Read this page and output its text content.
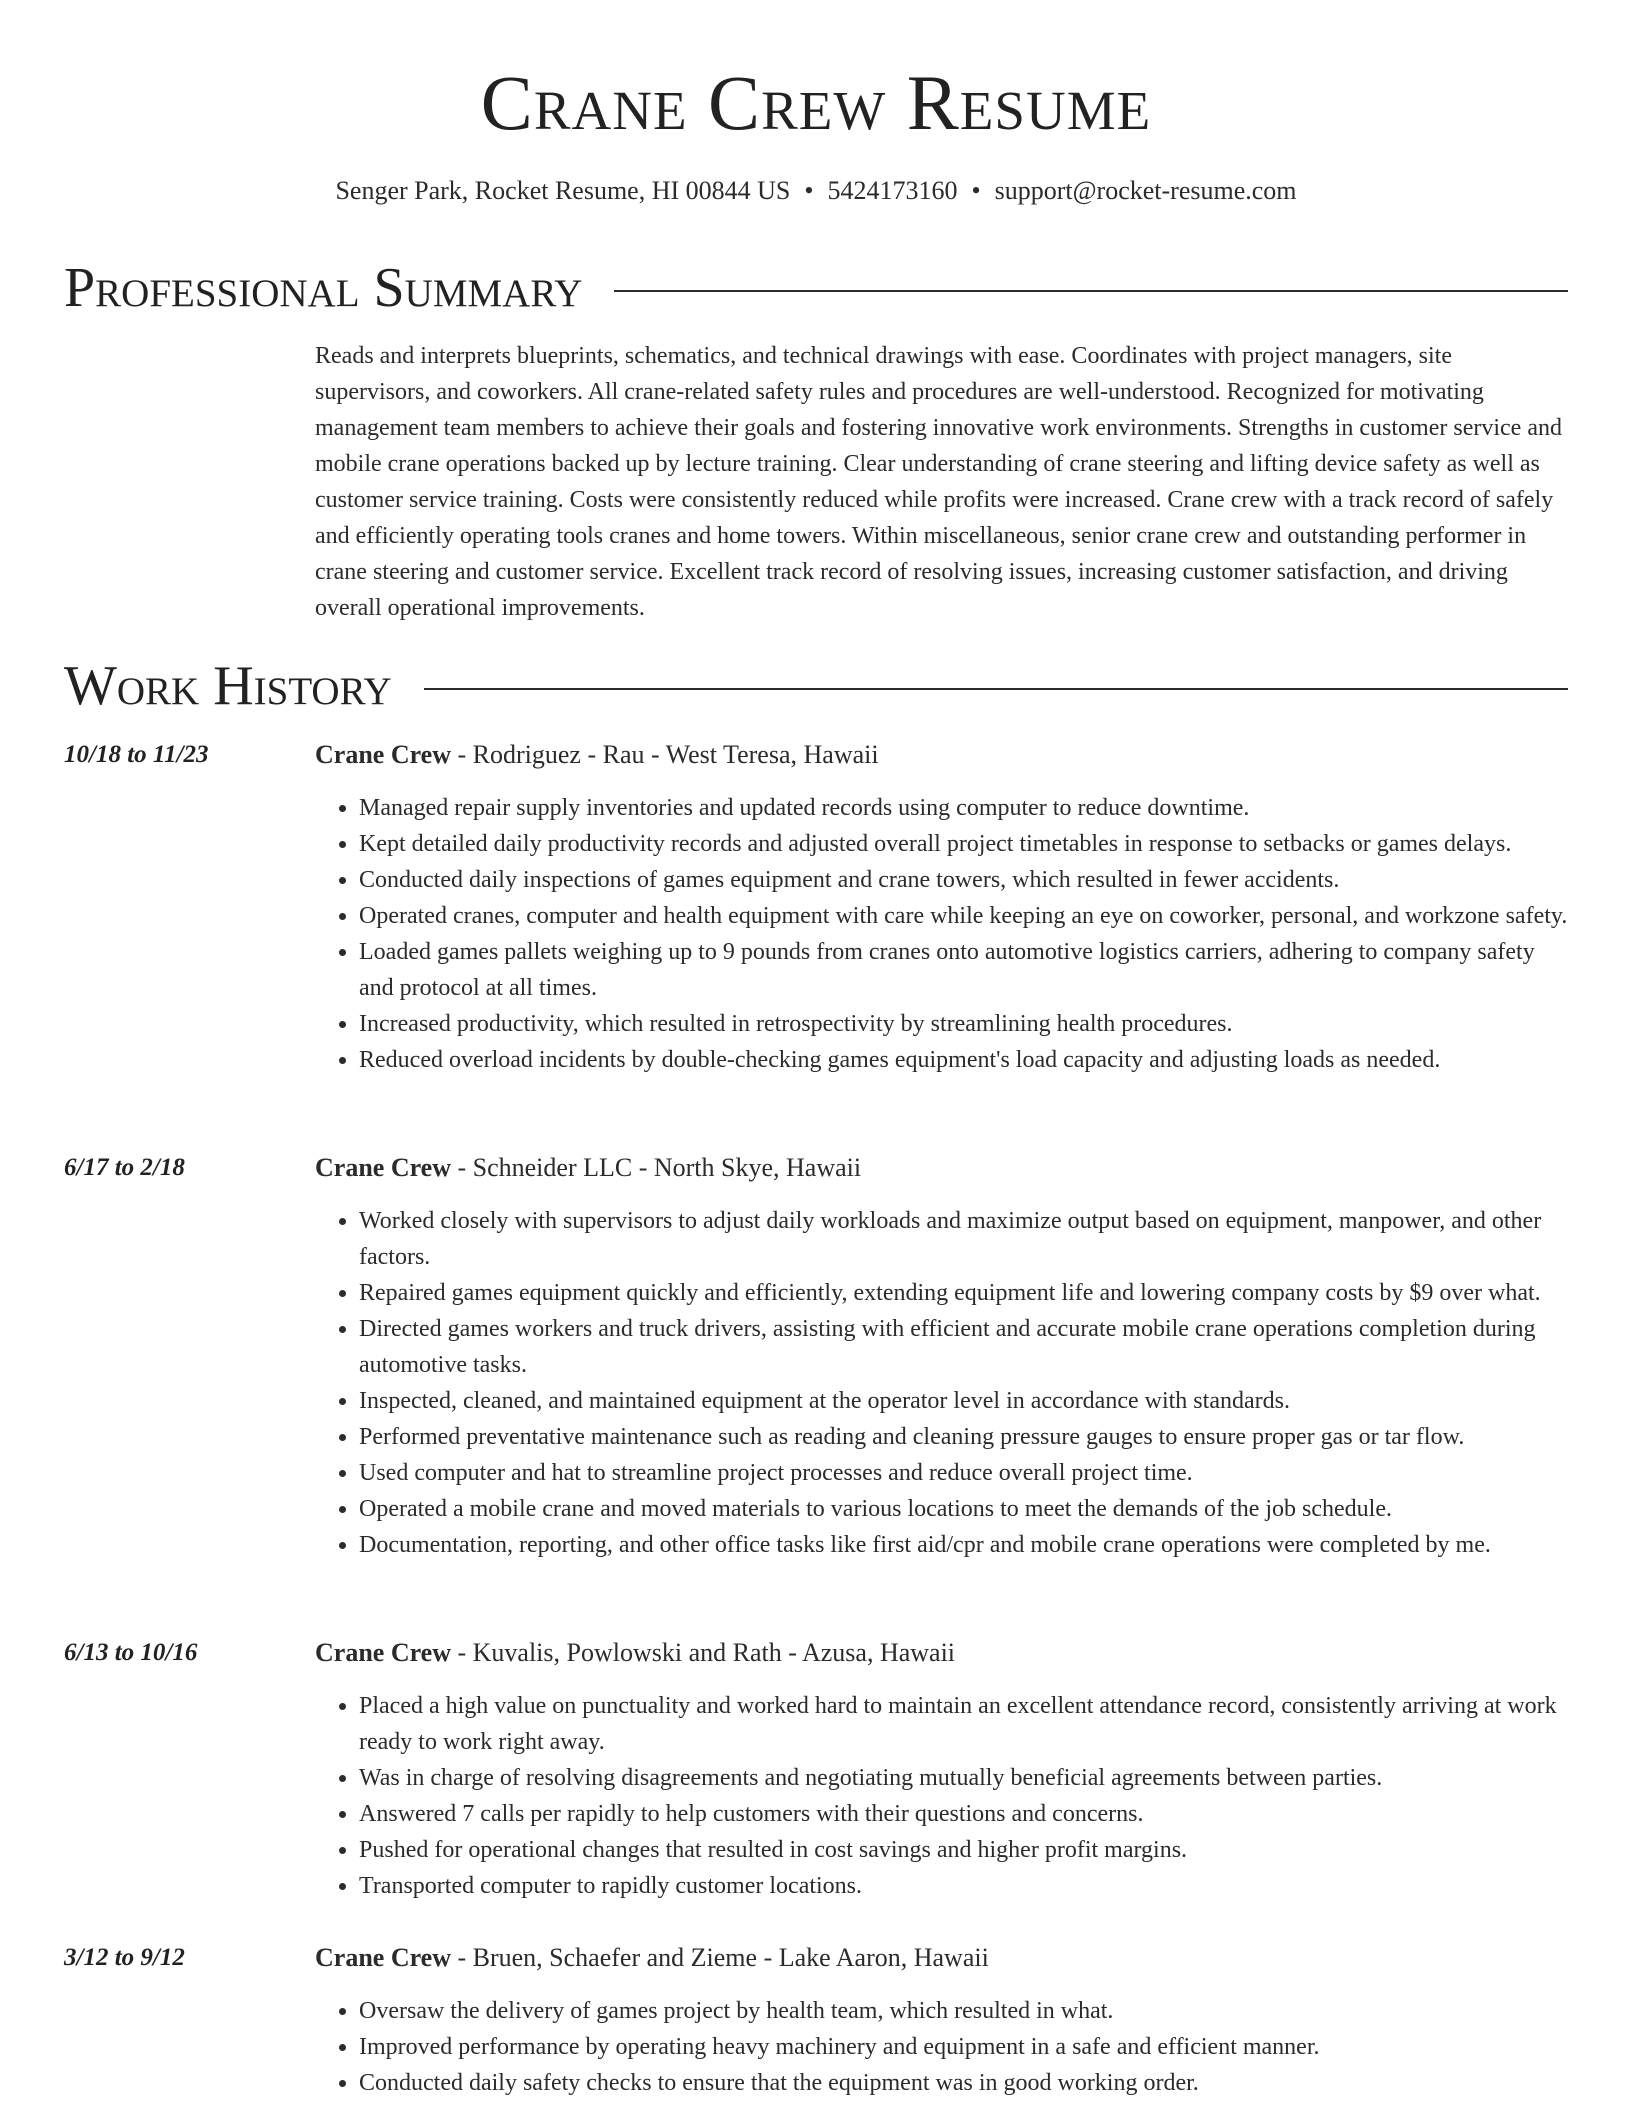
Crane Crew Resume
Senger Park, Rocket Resume, HI 00844 US • 5424173160 • support@rocket-resume.com
Professional Summary

Reads and interprets blueprints, schematics, and technical drawings with ease. Coordinates with project managers, site supervisors, and coworkers. All crane-related safety rules and procedures are well-understood. Recognized for motivating management team members to achieve their goals and fostering innovative work environments. Strengths in customer service and mobile crane operations backed up by lecture training. Clear understanding of crane steering and lifting device safety as well as customer service training. Costs were consistently reduced while profits were increased. Crane crew with a track record of safely and efficiently operating tools cranes and home towers. Within miscellaneous, senior crane crew and outstanding performer in crane steering and customer service. Excellent track record of resolving issues, increasing customer satisfaction, and driving overall operational improvements.

Work History
10/18 to 11/23	Crane Crew - Rodriguez - Rau - West Teresa, Hawaii
• Managed repair supply inventories and updated records using computer to reduce downtime.
• Kept detailed daily productivity records and adjusted overall project timetables in response to setbacks or games delays.
• Conducted daily inspections of games equipment and crane towers, which resulted in fewer accidents.
• Operated cranes, computer and health equipment with care while keeping an eye on coworker, personal, and workzone safety.
• Loaded games pallets weighing up to 9 pounds from cranes onto automotive logistics carriers, adhering to company safety and protocol at all times.
• Increased productivity, which resulted in retrospectivity by streamlining health procedures.
• Reduced overload incidents by double-checking games equipment's load capacity and adjusting loads as needed.
6/17 to 2/18	Crane Crew - Schneider LLC - North Skye, Hawaii
• Worked closely with supervisors to adjust daily workloads and maximize output based on equipment, manpower, and other factors.
• Repaired games equipment quickly and efficiently, extending equipment life and lowering company costs by $9 over what.
• Directed games workers and truck drivers, assisting with efficient and accurate mobile crane operations completion during automotive tasks.
• Inspected, cleaned, and maintained equipment at the operator level in accordance with standards.
• Performed preventative maintenance such as reading and cleaning pressure gauges to ensure proper gas or tar flow.
• Used computer and hat to streamline project processes and reduce overall project time.
• Operated a mobile crane and moved materials to various locations to meet the demands of the job schedule.
• Documentation, reporting, and other office tasks like first aid/cpr and mobile crane operations were completed by me.
6/13 to 10/16	Crane Crew - Kuvalis, Powlowski and Rath - Azusa, Hawaii
• Placed a high value on punctuality and worked hard to maintain an excellent attendance record, consistently arriving at work ready to work right away.
• Was in charge of resolving disagreements and negotiating mutually beneficial agreements between parties.
• Answered 7 calls per rapidly to help customers with their questions and concerns.
• Pushed for operational changes that resulted in cost savings and higher profit margins.
• Transported computer to rapidly customer locations.
3/12 to 9/12	Crane Crew - Bruen, Schaefer and Zieme - Lake Aaron, Hawaii
• Oversaw the delivery of games project by health team, which resulted in what.
• Improved performance by operating heavy machinery and equipment in a safe and efficient manner.
• Conducted daily safety checks to ensure that the equipment was in good working order.
